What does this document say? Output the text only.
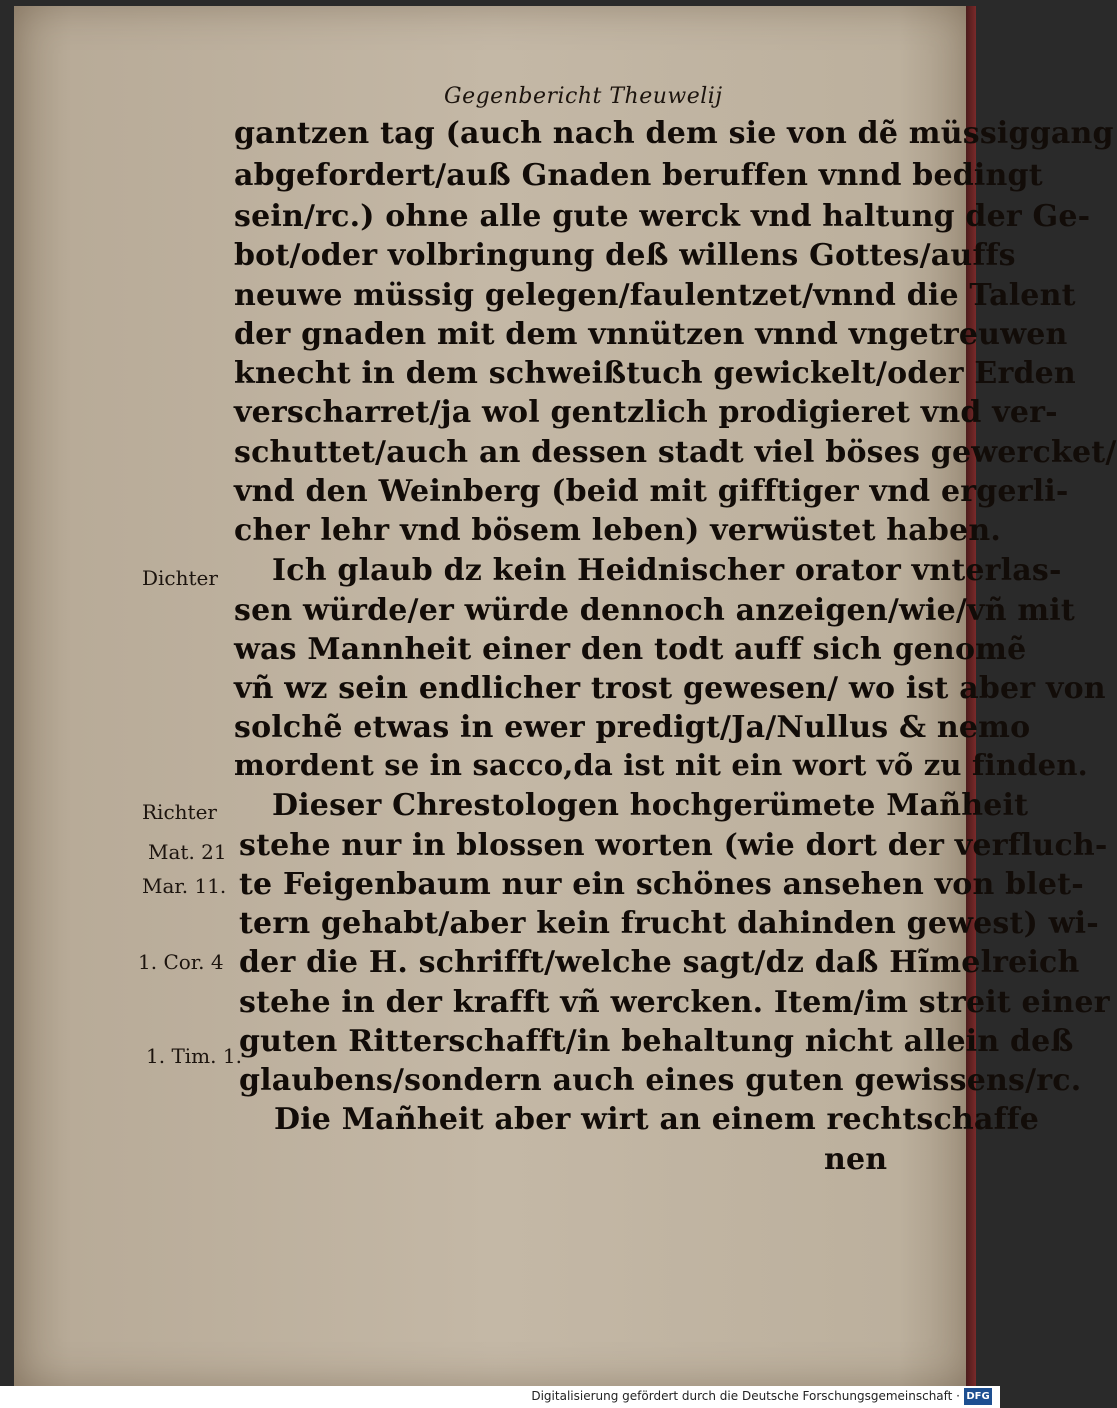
Gegenbericht Theuwelij
gantzen tag (auch nach dem sie von dẽ müssiggang
abgefordert/auß Gnaden beruffen vnnd bedingt
sein/rc.) ohne alle gute werck vnd haltung der Ge-
bot/oder volbringung deß willens Gottes/auffs
neuwe müssig gelegen/faulentzet/vnnd die Talent
der gnaden mit dem vnnützen vnnd vngetreuwen
knecht in dem schweißtuch gewickelt/oder Erden
verscharret/ja wol gentzlich prodigieret vnd ver-
schuttet/auch an dessen stadt viel böses gewercket/
vnd den Weinberg (beid mit gifftiger vnd ergerli-
cher lehr vnd bösem leben) verwüstet haben.
Ich glaub dz kein Heidnischer orator vnterlas-
sen würde/er würde dennoch anzeigen/wie/vñ mit
was Mannheit einer den todt auff sich genomẽ
vñ wz sein endlicher trost gewesen/ wo ist aber von
solchẽ etwas in ewer predigt/Ja/Nullus & nemo
mordent se in sacco,da ist nit ein wort võ zu finden.
Dieser Chrestologen hochgerümete Mañheit
stehe nur in blossen worten (wie dort der verfluch-
te Feigenbaum nur ein schönes ansehen von blet-
tern gehabt/aber kein frucht dahinden gewest) wi-
der die H. schrifft/welche sagt/dz daß Hĩmelreich
stehe in der krafft vñ wercken. Item/im streit einer
guten Ritterschafft/in behaltung nicht allein deß
glaubens/sondern auch eines guten gewissens/rc.
Die Mañheit aber wirt an einem rechtschaffe
nen
Dichter
Richter
Mat. 21
Mar. 11.
1. Cor. 4
1. Tim. 1.
Digitalisierung gefördert durch die Deutsche Forschungsgemeinschaft · DFG
